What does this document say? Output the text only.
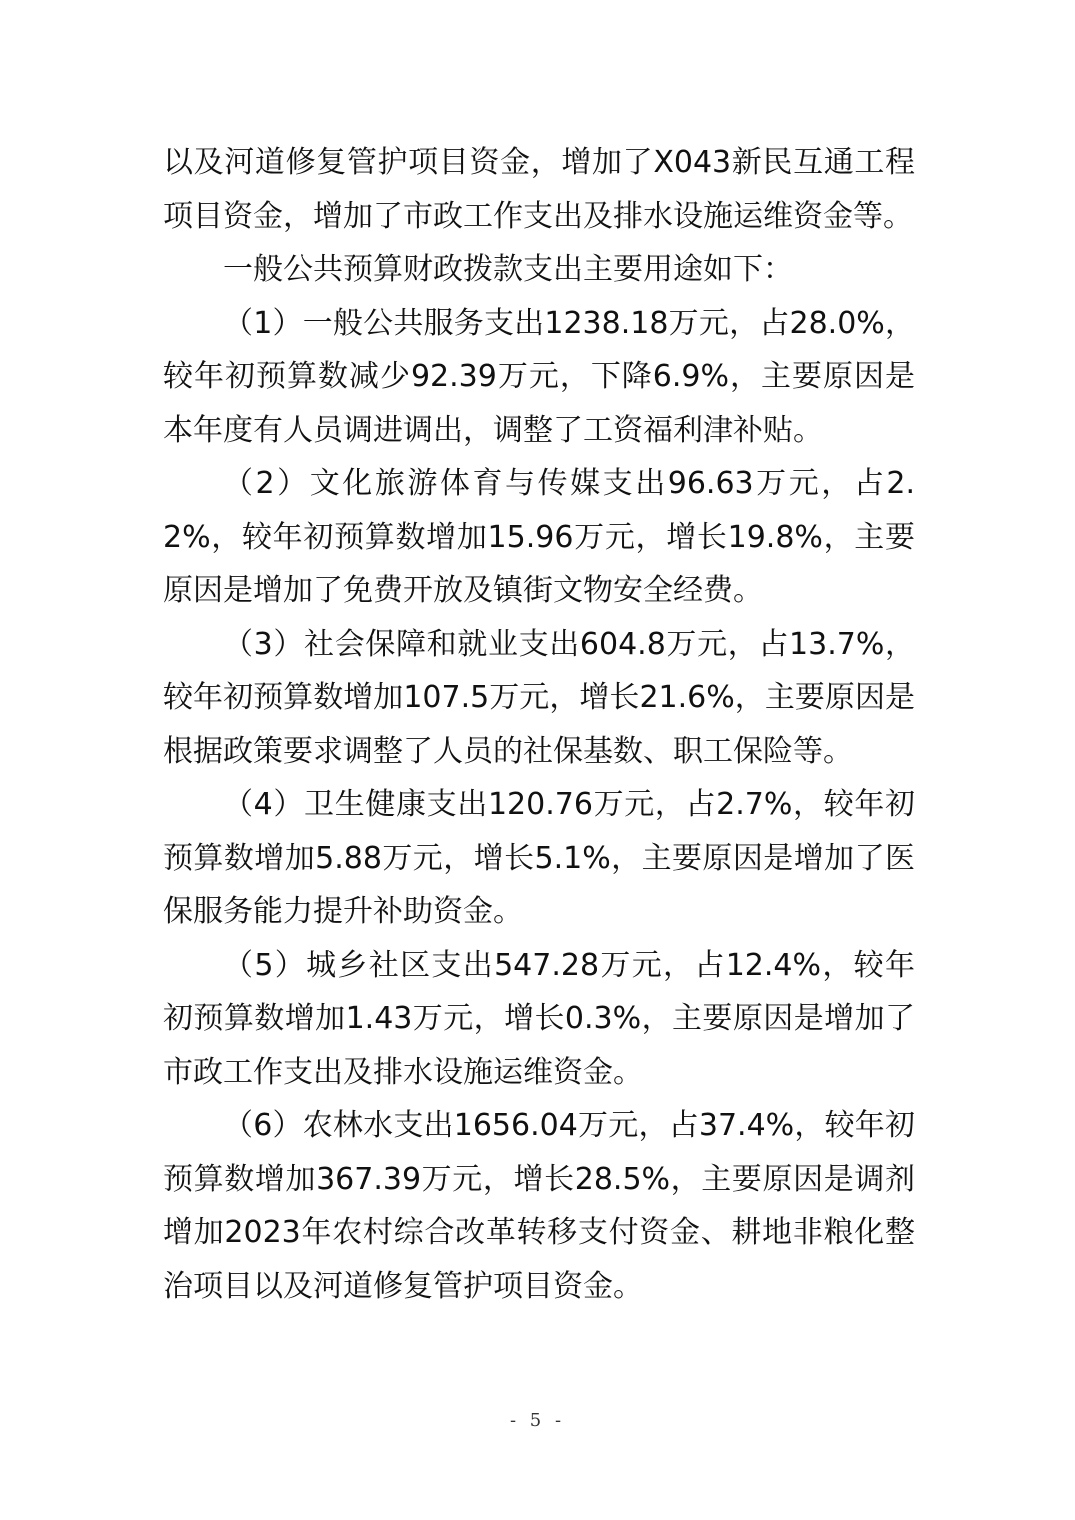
以及河道修复管护项目资金，增加了X043新民互通工程项目资金，增加了市政工作支出及排水设施运维资金等。

一般公共预算财政拨款支出主要用途如下：

（1）一般公共服务支出1238.18万元，占28.0%，较年初预算数减少92.39万元，下降6.9%，主要原因是本年度有人员调进调出，调整了工资福利津补贴。

（2）文化旅游体育与传媒支出96.63万元，占2.2%，较年初预算数增加15.96万元，增长19.8%，主要原因是增加了免费开放及镇街文物安全经费。

（3）社会保障和就业支出604.8万元，占13.7%，较年初预算数增加107.5万元，增长21.6%，主要原因是根据政策要求调整了人员的社保基数、职工保险等。

（4）卫生健康支出120.76万元，占2.7%，较年初预算数增加5.88万元，增长5.1%，主要原因是增加了医保服务能力提升补助资金。

（5）城乡社区支出547.28万元，占12.4%，较年初预算数增加1.43万元，增长0.3%，主要原因是增加了市政工作支出及排水设施运维资金。

（6）农林水支出1656.04万元，占37.4%，较年初预算数增加367.39万元，增长28.5%，主要原因是调剂增加2023年农村综合改革转移支付资金、耕地非粮化整治项目以及河道修复管护项目资金。

- 5 -
